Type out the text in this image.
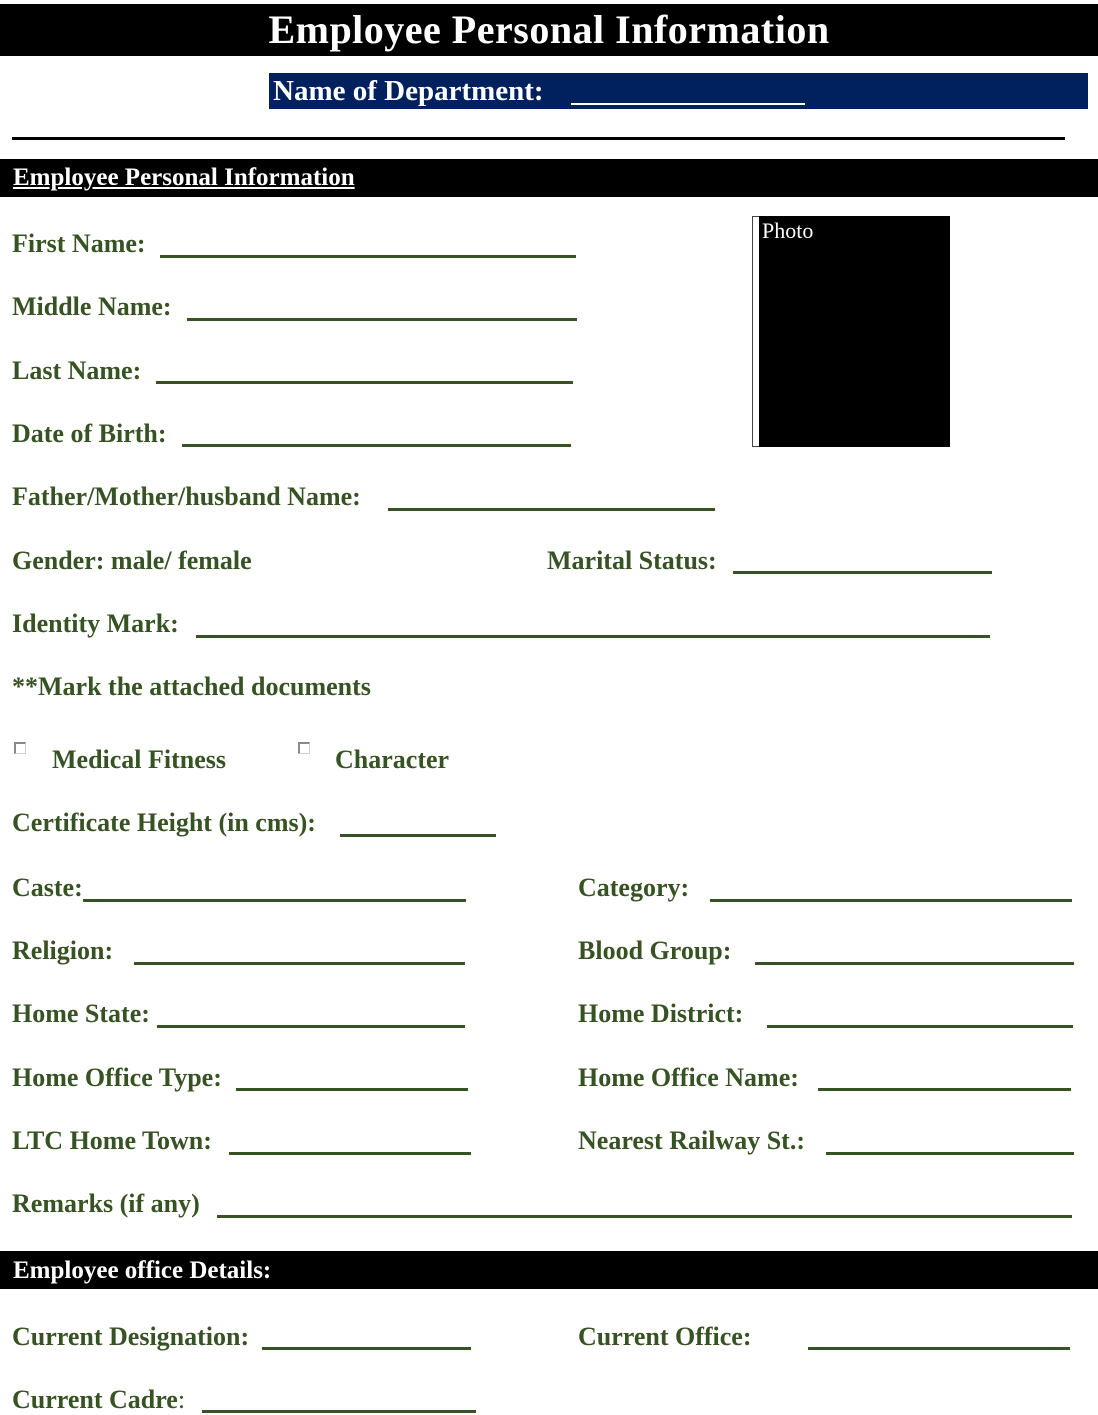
Employee Personal Information
Name of Department:
Employee Personal Information
Photo
First Name:
Middle Name:
Last Name:
Date of Birth:
Father/Mother/husband Name:
Gender: male/ female	Marital Status:
Identity Mark:
**Mark the attached documents
Medical Fitness	Character
Certificate Height (in cms):
Caste:	Category:
Religion:	Blood Group:
Home State:	Home District:
Home Office Type:	Home Office Name:
LTC Home Town:	Nearest Railway St.:
Remarks (if any)
Employee office Details:
Current Designation:	Current Office:
Current Cadre:
